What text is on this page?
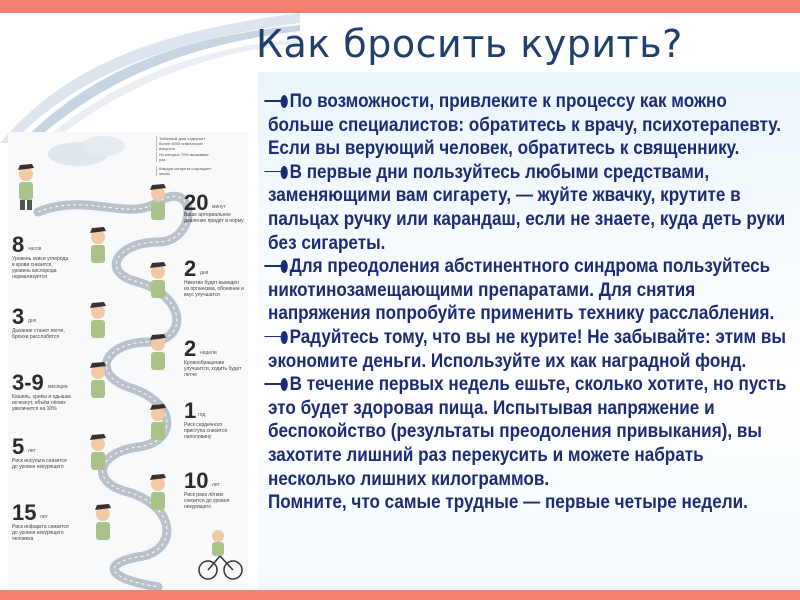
Как бросить курить?
Табачный дым содержит более 4000 химических веществ
Из которых 70% вызывают рак
Каждая сигарета сокращает жизнь
20 минут
Ваше артериальное давление придёт в норму
8 часов
Уровень окиси углерода в крови снизится, уровень кислорода нормализуется	2 дня
Никотин будет выведен из организма, обоняние и вкус улучшатся
3 дня
Дыхание станет легче, бронхи расслабятся	2 недели
Кровообращение улучшится, ходить будет легче
3-9 месяцев
Кашель, хрипы и одышка исчезнут, объём лёгких увеличится на 10%	1 год
Риск сердечного приступа снизится наполовину
5 лет
Риск инсульта снизится до уровня некурящего
10 лет
Риск рака лёгких снизится до уровня некурящего
15 лет
Риск инфаркта снизится до уровня некурящего человека

По возможности, привлеките к процессу как можно больше специалистов: обратитесь к врачу, психотерапевту. Если вы верующий человек, обратитесь к священнику.

В первые дни пользуйтесь любыми средствами, заменяющими вам сигарету, — жуйте жвачку, крутите в пальцах ручку или карандаш, если не знаете, куда деть руки без сигареты.

Для преодоления абстинентного синдрома пользуйтесь никотинозамещающими препаратами. Для снятия напряжения попробуйте применить технику расслабления.

Радуйтесь тому, что вы не курите! Не забывайте: этим вы экономите деньги. Используйте их как наградной фонд.

В течение первых недель ешьте, сколько хотите, но пусть это будет здоровая пища. Испытывая напряжение и беспокойство (результаты преодоления привыкания), вы захотите лишний раз перекусить и можете набрать несколько лишних килограммов.

Помните, что самые трудные — первые четыре недели.
